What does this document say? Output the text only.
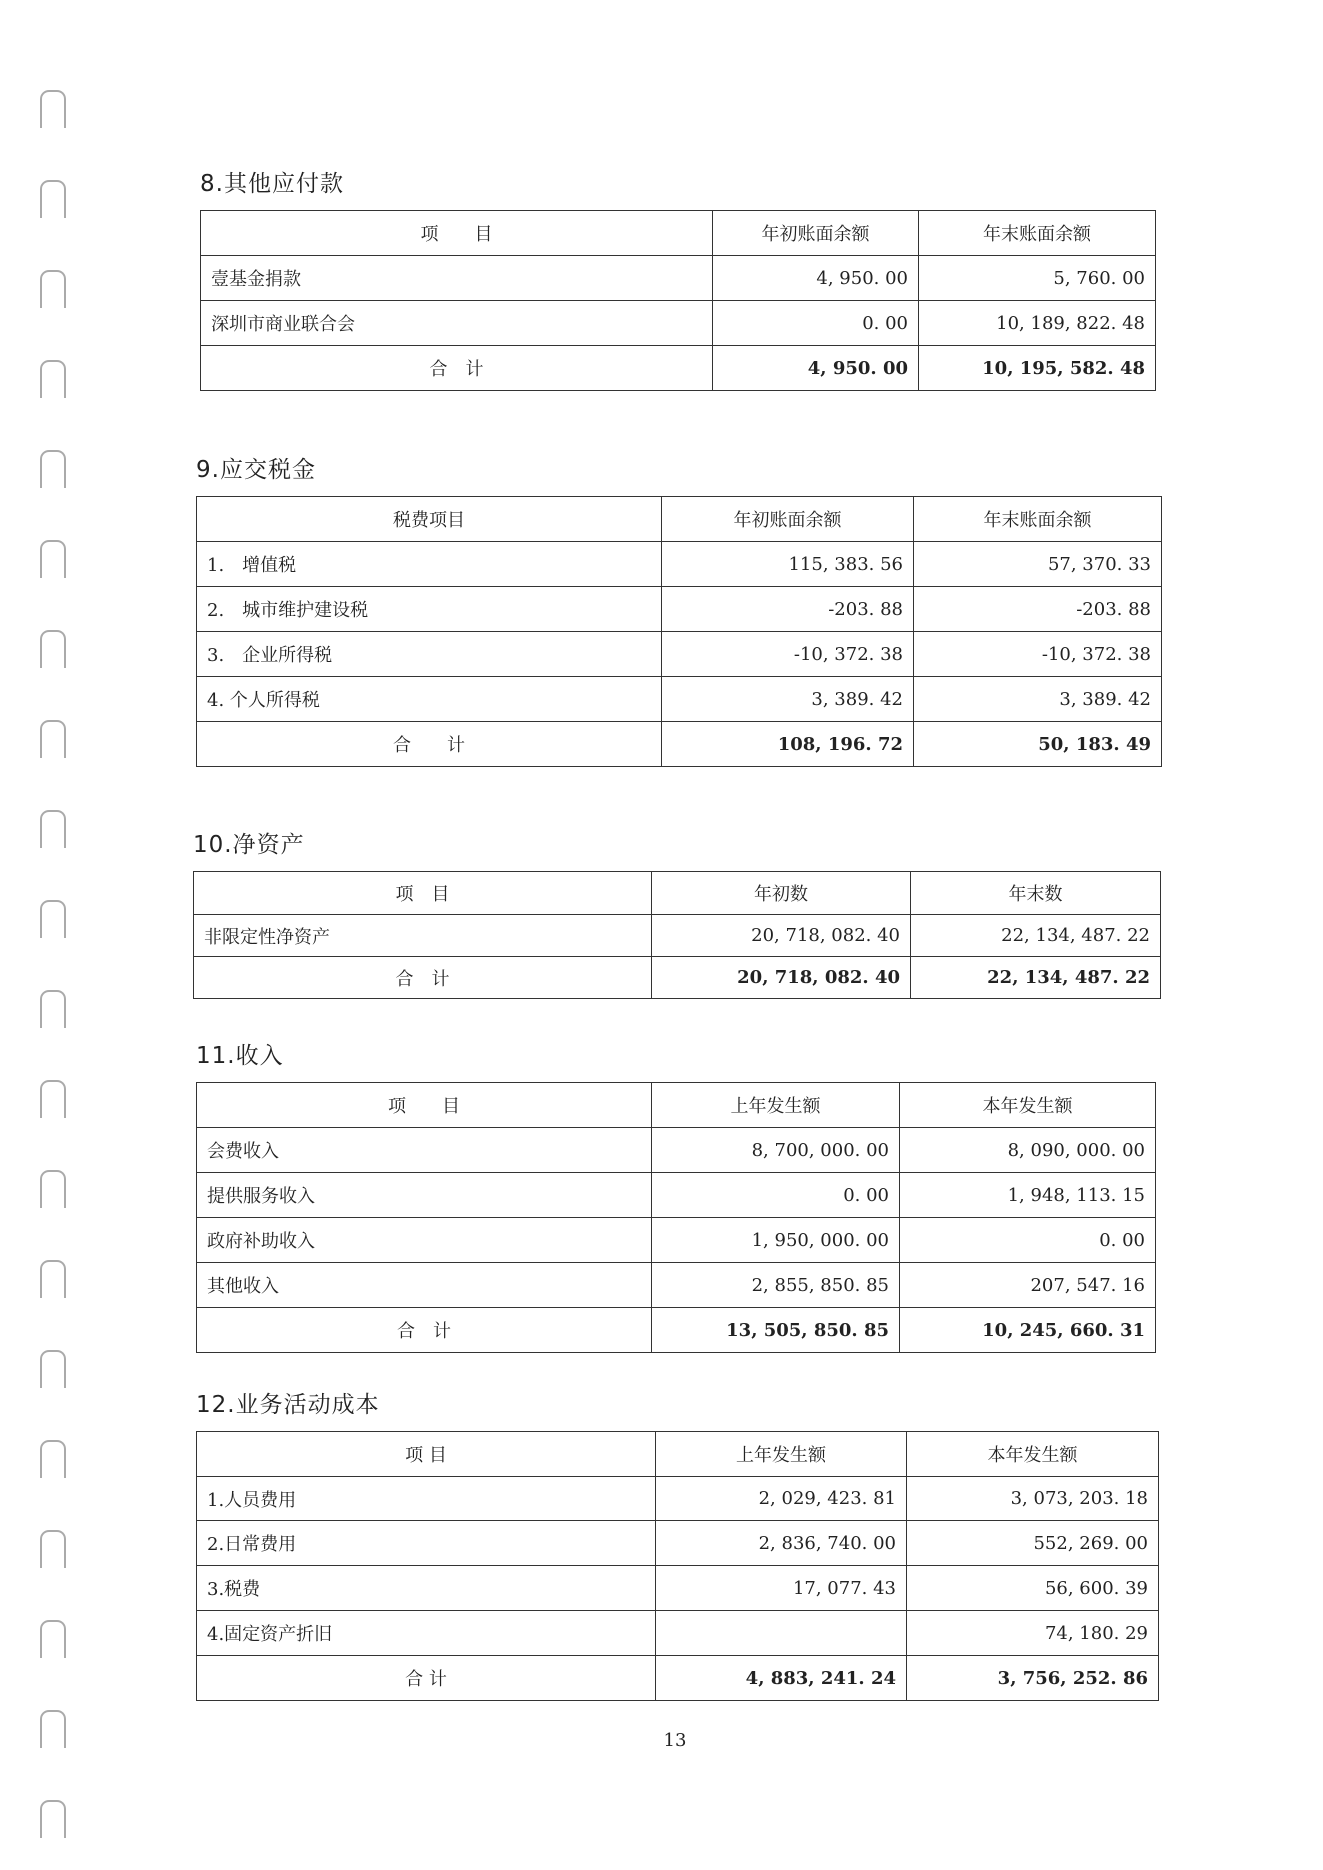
8.其他应付款
项　　目	年初账面余额	年末账面余额
壹基金捐款	4, 950. 00	5, 760. 00
深圳市商业联合会	0. 00	10, 189, 822. 48
合　计	4, 950. 00	10, 195, 582. 48
9.应交税金
税费项目	年初账面余额	年末账面余额
1.　增值税	115, 383. 56	57, 370. 33
2.　城市维护建设税	-203. 88	-203. 88
3.　企业所得税	-10, 372. 38	-10, 372. 38
4. 个人所得税	3, 389. 42	3, 389. 42
合　　计	108, 196. 72	50, 183. 49
10.净资产
项　目	年初数	年末数
非限定性净资产	20, 718, 082. 40	22, 134, 487. 22
合　计	20, 718, 082. 40	22, 134, 487. 22
11.收入
项　　目	上年发生额	本年发生额
会费收入	8, 700, 000. 00	8, 090, 000. 00
提供服务收入	0. 00	1, 948, 113. 15
政府补助收入	1, 950, 000. 00	0. 00
其他收入	2, 855, 850. 85	207, 547. 16
合　计	13, 505, 850. 85	10, 245, 660. 31
12.业务活动成本
项 目	上年发生额	本年发生额
1.人员费用	2, 029, 423. 81	3, 073, 203. 18
2.日常费用	2, 836, 740. 00	552, 269. 00
3.税费	17, 077. 43	56, 600. 39
4.固定资产折旧		74, 180. 29
合 计	4, 883, 241. 24	3, 756, 252. 86
13
